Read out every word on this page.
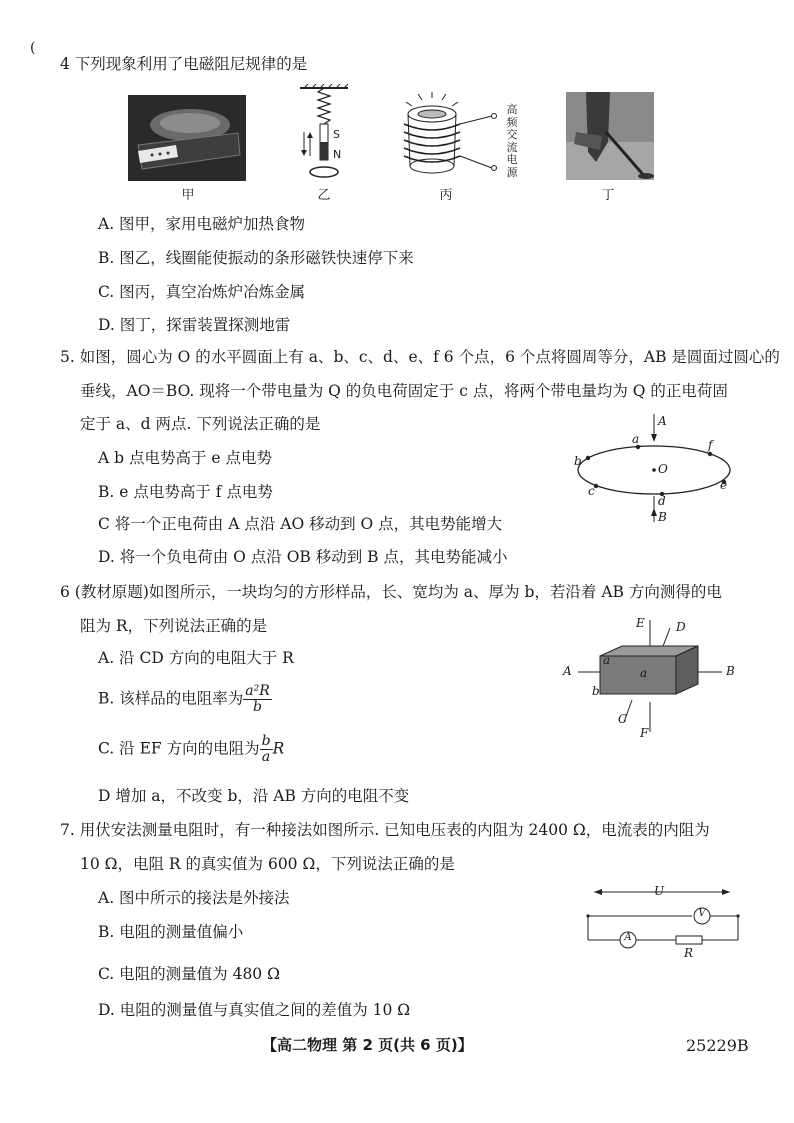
(
4 下列现象利用了电磁阻尼规律的是
甲
S
N
乙
高
频
交
流
电
源
丙	丁
A. 图甲，家用电磁炉加热食物
B. 图乙，线圈能使振动的条形磁铁快速停下来
C. 图丙，真空冶炼炉冶炼金属
D. 图丁，探雷装置探测地雷
5. 如图，圆心为 O 的水平圆面上有 a、b、c、d、e、f 6 个点，6 个点将圆周等分，AB 是圆面过圆心的
垂线，AO＝BO. 现将一个带电量为 Q 的负电荷固定于 c 点，将两个带电量均为 Q 的正电荷固
定于 a、d 两点. 下列说法正确的是
A b 点电势高于 e 点电势
B. e 点电势高于 f 点电势
C 将一个正电荷由 A 点沿 AO 移动到 O 点，其电势能增大
D. 将一个负电荷由 O 点沿 OB 移动到 B 点，其电势能减小
A
B
O
a	f
b
c
d
e
6 (教材原题)如图所示，一块均匀的方形样品，长、宽均为 a、厚为 b，若沿着 AB 方向测得的电
阻为 R，下列说法正确的是
A. 沿 CD 方向的电阻大于 R
B. 该样品的电阻率为 $\frac{\text{a²R}}{b}$
C. 沿 EF 方向的电阻为 $\frac{b}{a}$ R
D 增加 a，不改变 b，沿 AB 方向的电阻不变
A	B
C
D
E
F
a
a
b
7. 用伏安法测量电阻时，有一种接法如图所示. 已知电压表的内阻为 2400 Ω，电流表的内阻为
10 Ω，电阻 R 的真实值为 600 Ω，下列说法正确的是
A. 图中所示的接法是外接法
B. 电阻的测量值偏小
C. 电阻的测量值为 480 Ω
D. 电阻的测量值与真实值之间的差值为 10 Ω
U
V
A
R
【高二物理 第 2 页(共 6 页)】	25229B
